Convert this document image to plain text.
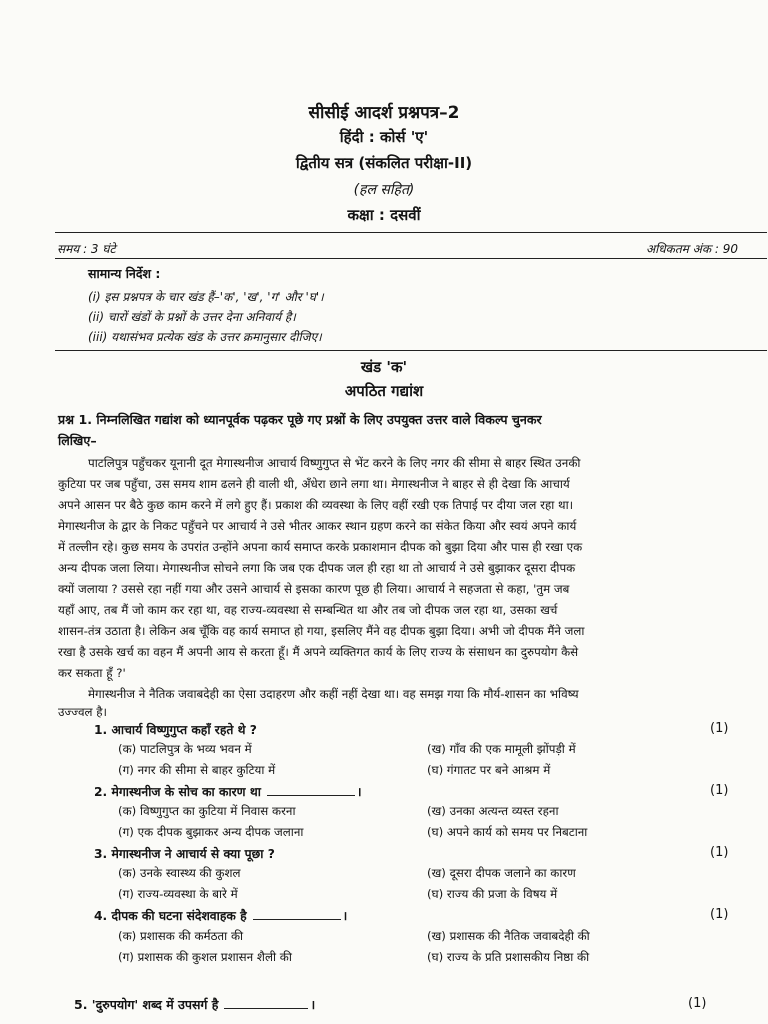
सीसीई आदर्श प्रश्नपत्र–2
हिंदी : कोर्स 'ए'
द्वितीय सत्र (संकलित परीक्षा-II)
(हल सहित)
कक्षा : दसवीं
समय : 3 घंटे	अधिकतम अंक : 90
सामान्य निर्देश :
(i) इस प्रश्नपत्र के चार खंड हैं–'क', 'ख', 'ग' और 'घ'।
(ii) चारों खंडों के प्रश्नों के उत्तर देना अनिवार्य है।
(iii) यथासंभव प्रत्येक खंड के उत्तर क्रमानुसार दीजिए।
खंड 'क'
अपठित गद्यांश
प्रश्न 1. निम्नलिखित गद्यांश को ध्यानपूर्वक पढ़कर पूछे गए प्रश्नों के लिए उपयुक्त उत्तर वाले विकल्प चुनकर
लिखिए–
पाटलिपुत्र पहुँचकर यूनानी दूत मेगास्थनीज आचार्य विष्णुगुप्त से भेंट करने के लिए नगर की सीमा से बाहर स्थित उनकी
कुटिया पर जब पहुँचा, उस समय शाम ढलने ही वाली थी, अँधेरा छाने लगा था। मेगास्थनीज ने बाहर से ही देखा कि आचार्य
अपने आसन पर बैठे कुछ काम करने में लगे हुए हैं। प्रकाश की व्यवस्था के लिए वहीं रखी एक तिपाई पर दीया जल रहा था।
मेगास्थनीज के द्वार के निकट पहुँचने पर आचार्य ने उसे भीतर आकर स्थान ग्रहण करने का संकेत किया और स्वयं अपने कार्य
में तल्लीन रहे। कुछ समय के उपरांत उन्होंने अपना कार्य समाप्त करके प्रकाशमान दीपक को बुझा दिया और पास ही रखा एक
अन्य दीपक जला लिया। मेगास्थनीज सोचने लगा कि जब एक दीपक जल ही रहा था तो आचार्य ने उसे बुझाकर दूसरा दीपक
क्यों जलाया ? उससे रहा नहीं गया और उसने आचार्य से इसका कारण पूछ ही लिया। आचार्य ने सहजता से कहा, 'तुम जब
यहाँ आए, तब मैं जो काम कर रहा था, वह राज्य-व्यवस्था से सम्बन्धित था और तब जो दीपक जल रहा था, उसका खर्च
शासन-तंत्र उठाता है। लेकिन अब चूँकि वह कार्य समाप्त हो गया, इसलिए मैंने वह दीपक बुझा दिया। अभी जो दीपक मैंने जला
रखा है उसके खर्च का वहन मैं अपनी आय से करता हूँ। मैं अपने व्यक्तिगत कार्य के लिए राज्य के संसाधन का दुरुपयोग कैसे
कर सकता हूँ ?'
मेगास्थनीज ने नैतिक जवाबदेही का ऐसा उदाहरण और कहीं नहीं देखा था। वह समझ गया कि मौर्य-शासन का भविष्य
उज्ज्वल है।
1. आचार्य विष्णुगुप्त कहाँ रहते थे ?	(1)
(क) पाटलिपुत्र के भव्य भवन में	(ख) गाँव की एक मामूली झोंपड़ी में
(ग) नगर की सीमा से बाहर कुटिया में	(घ) गंगातट पर बने आश्रम में
2. मेगास्थनीज के सोच का कारण था	।	(1)
(क) विष्णुगुप्त का कुटिया में निवास करना	(ख) उनका अत्यन्त व्यस्त रहना
(ग) एक दीपक बुझाकर अन्य दीपक जलाना	(घ) अपने कार्य को समय पर निबटाना
3. मेगास्थनीज ने आचार्य से क्या पूछा ?	(1)
(क) उनके स्वास्थ्य की कुशल	(ख) दूसरा दीपक जलाने का कारण
(ग) राज्य-व्यवस्था के बारे में	(घ) राज्य की प्रजा के विषय में
4. दीपक की घटना संदेशवाहक है	।	(1)
(क) प्रशासक की कर्मठता की	(ख) प्रशासक की नैतिक जवाबदेही की
(ग) प्रशासक की कुशल प्रशासन शैली की	(घ) राज्य के प्रति प्रशासकीय निष्ठा की
5. 'दुरुपयोग' शब्द में उपसर्ग है	।	(1)
